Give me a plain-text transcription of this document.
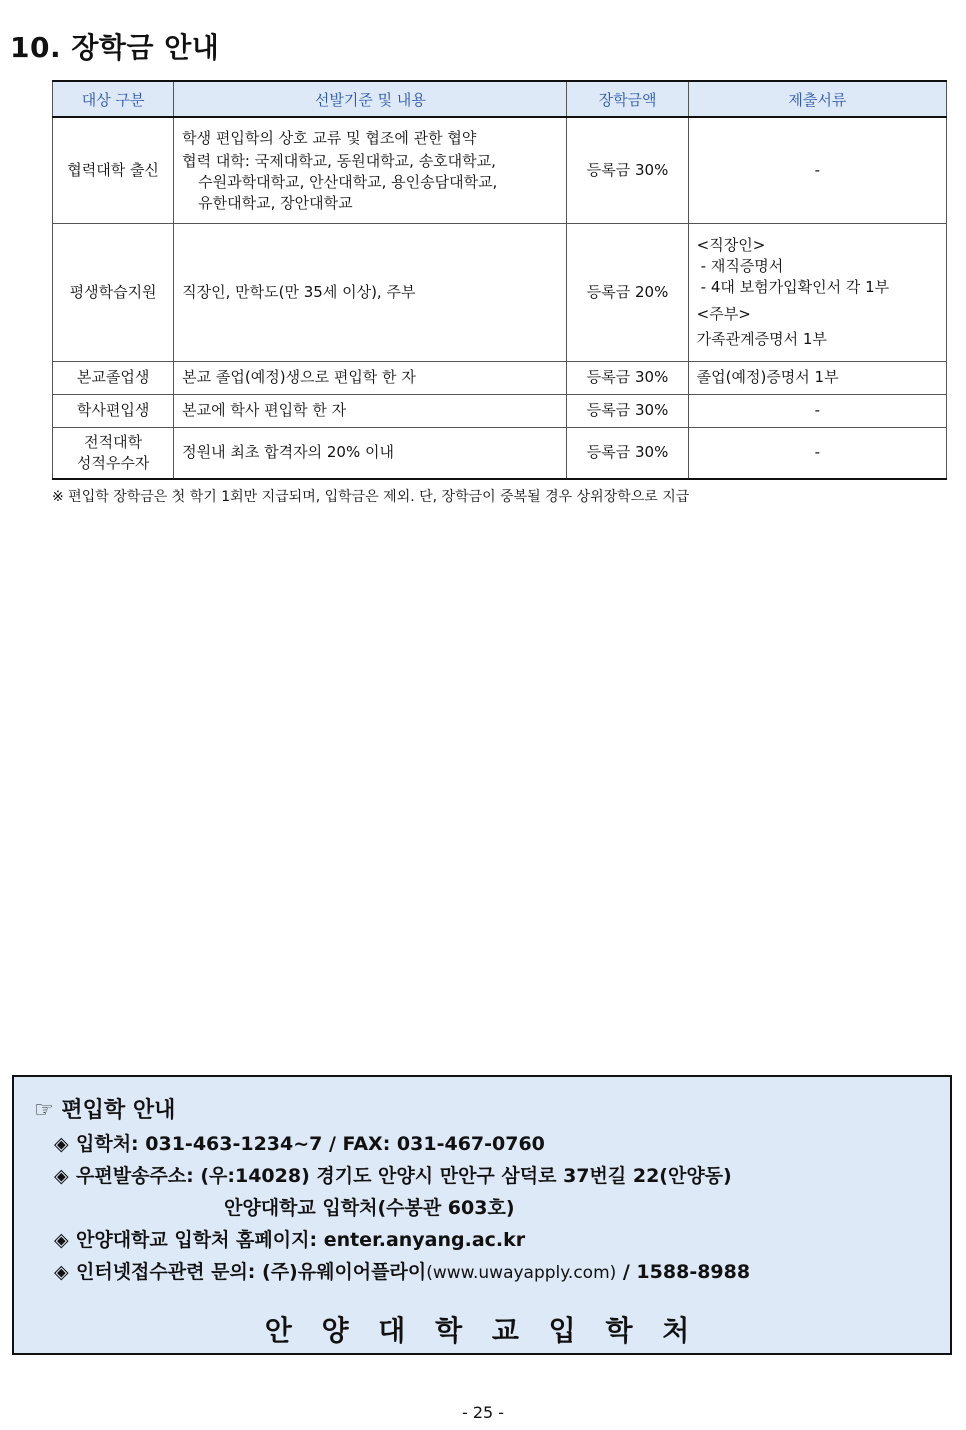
10. 장학금 안내
대상 구분	선발기준 및 내용	장학금액	제출서류
협력대학 출신	학생 편입학의 상호 교류 및 협조에 관한 협약
협력 대학: 국제대학교, 동원대학교, 송호대학교,
수원과학대학교, 안산대학교, 용인송담대학교,
유한대학교, 장안대학교	등록금 30%	-
평생학습지원	직장인, 만학도(만 35세 이상), 주부	등록금 20%	<직장인>
- 재직증명서
- 4대 보험가입확인서 각 1부
<주부>
가족관계증명서 1부

본교졸업생	본교 졸업(예정)생으로 편입학 한 자	등록금 30%	졸업(예정)증명서 1부
학사편입생	본교에 학사 편입학 한 자	등록금 30%	-

전적대학
성적우수자	정원내 최초 합격자의 20% 이내	등록금 30%	-
※ 편입학 장학금은 첫 학기 1회만 지급되며, 입학금은 제외. 단, 장학금이 중복될 경우 상위장학으로 지급
☞ 편입학 안내
◈ 입학처: 031-463-1234~7 / FAX: 031-467-0760
◈ 우편발송주소: (우:14028) 경기도 안양시 만안구 삼덕로 37번길 22(안양동)
안양대학교 입학처(수봉관 603호)
◈ 안양대학교 입학처 홈페이지: enter.anyang.ac.kr
◈ 인터넷접수관련 문의: (주)유웨이어플라이(www.uwayapply.com) / 1588-8988
안 양 대 학 교 입 학 처
- 25 -
